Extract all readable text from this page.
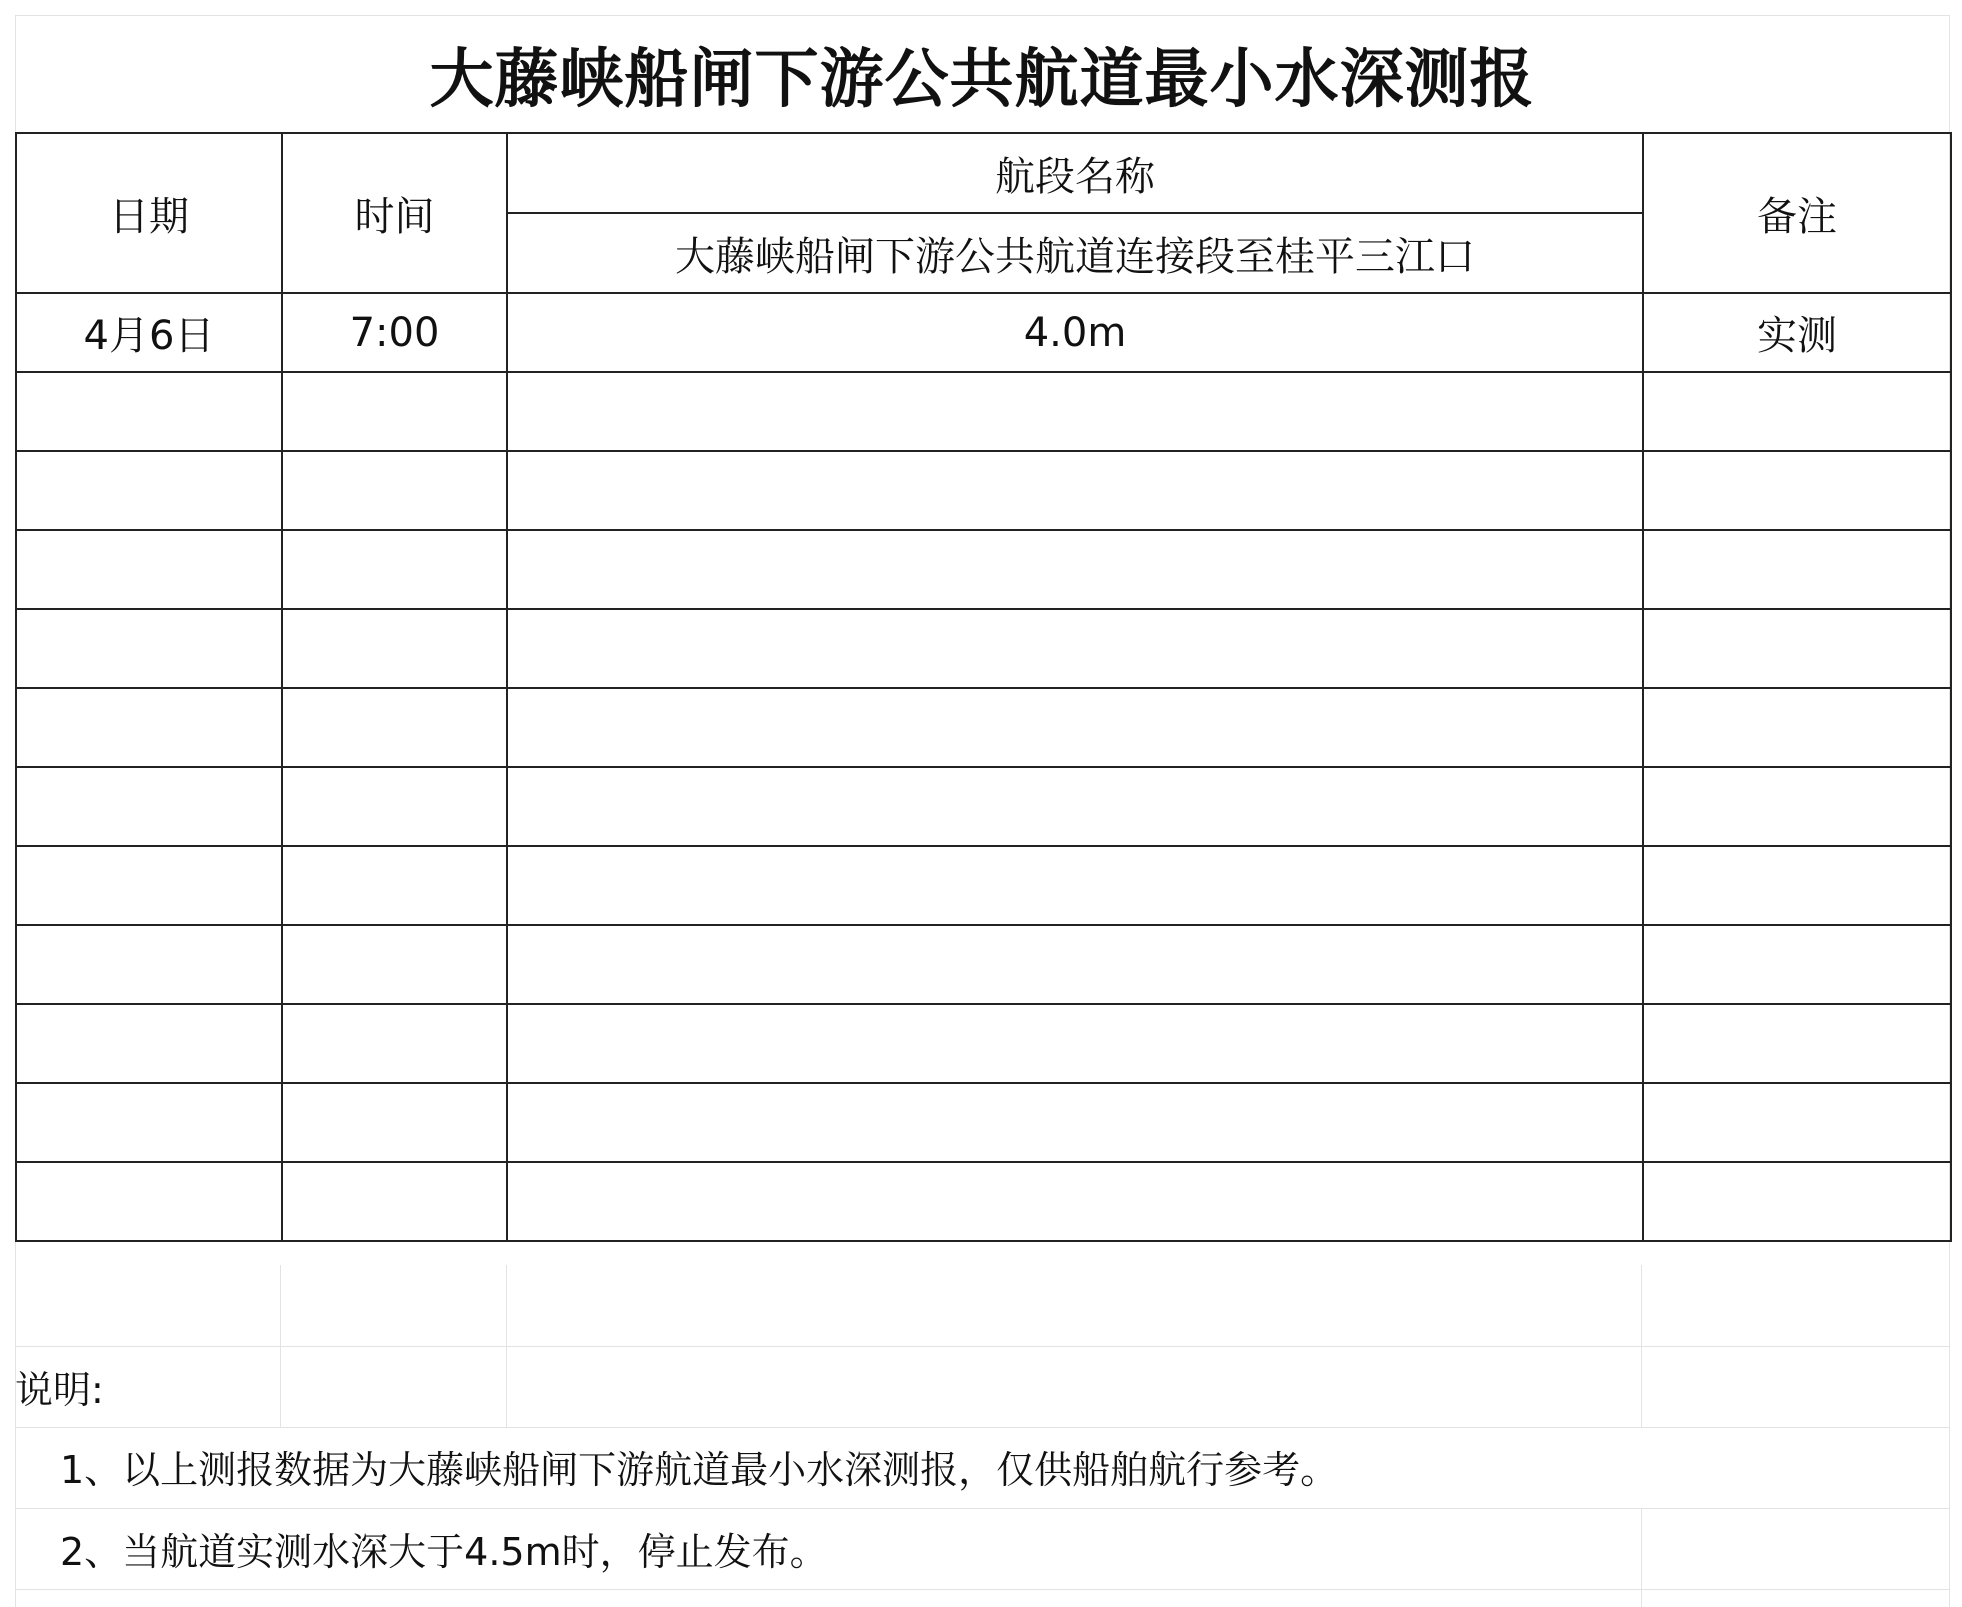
大藤峡船闸下游公共航道最小水深测报
日期	时间	航段名称	备注
		大藤峡船闸下游公共航道连接段至桂平三江口	
4月6日	7:00	4.0m	实测

说明:
1、以上测报数据为大藤峡船闸下游航道最小水深测报，仅供船舶航行参考。
2、当航道实测水深大于4.5m时，停止发布。
